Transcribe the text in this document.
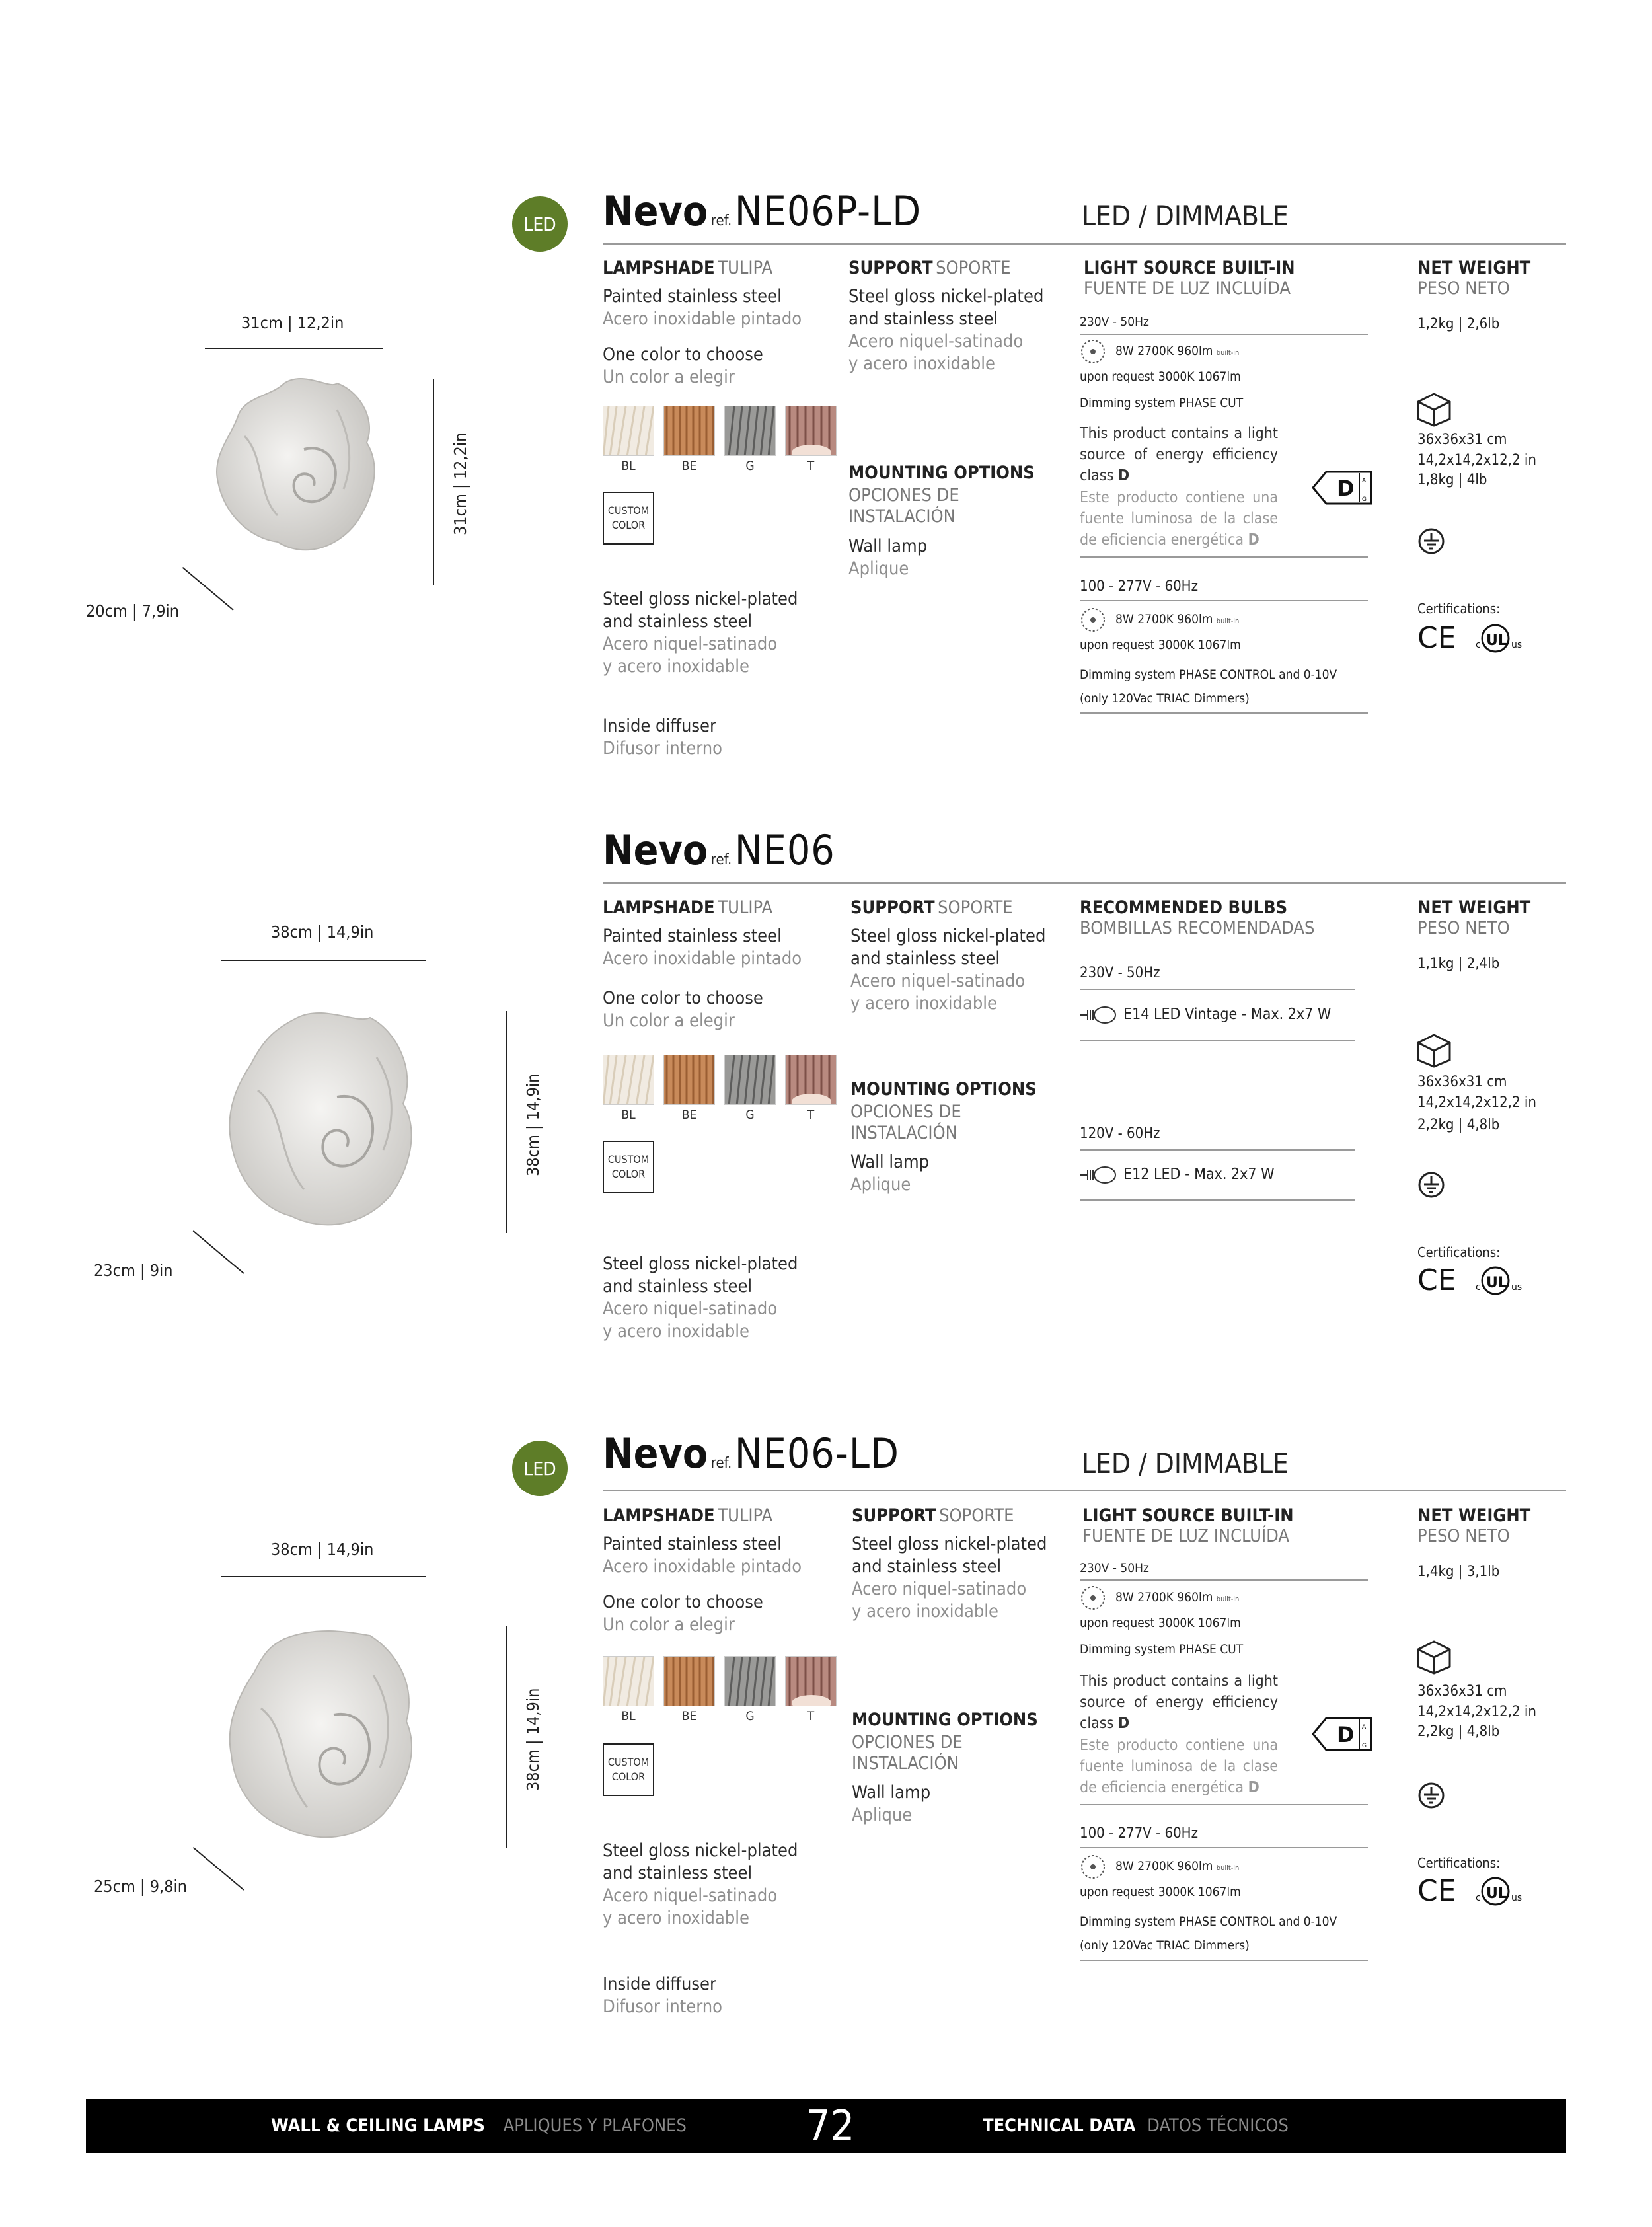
LED Nevo ref. NE06P-LD	LED / DIMMABLE
31cm | 12,2in
31cm | 12,2in
20cm | 7,9in
LAMPSHADE TULIPA
Painted stainless steel
Acero inoxidable pintado
One color to choose
Un color a elegir
BL	BE	G	T
CUSTOM
COLOR
Steel gloss nickel-plated
and stainless steel
Acero niquel-satinado
y acero inoxidable
Inside diffuser
Difusor interno
SUPPORT SOPORTE
Steel gloss nickel-plated
and stainless steel
Acero niquel-satinado
y acero inoxidable
MOUNTING OPTIONS
OPCIONES DE
INSTALACIÓN
Wall lamp
Aplique
LIGHT SOURCE BUILT-IN
FUENTE DE LUZ INCLUÍDA
230V - 50Hz
8W 2700K 960lm built-in
upon request 3000K 1067lm
Dimming system PHASE CUT
This product contains a light source of energy efficiency class D
Este producto contiene una fuente luminosa de la clase de eficiencia energética D
D A
G
100 - 277V - 60Hz
8W 2700K 960lm built-in
upon request 3000K 1067lm
Dimming system PHASE CONTROL and 0-10V
(only 120Vac TRIAC Dimmers)
NET WEIGHT
PESO NETO
1,2kg | 2,6lb
36x36x31 cm
14,2x14,2x12,2 in
1,8kg | 4lb
Certifications:
CE c UL us
Nevo ref. NE06
38cm | 14,9in
38cm | 14,9in
23cm | 9in
LAMPSHADE TULIPA
Painted stainless steel
Acero inoxidable pintado
One color to choose
Un color a elegir
BL	BE	G	T
CUSTOM
COLOR
Steel gloss nickel-plated
and stainless steel
Acero niquel-satinado
y acero inoxidable
SUPPORT SOPORTE
Steel gloss nickel-plated
and stainless steel
Acero niquel-satinado
y acero inoxidable
MOUNTING OPTIONS
OPCIONES DE
INSTALACIÓN
Wall lamp
Aplique
RECOMMENDED BULBS
BOMBILLAS RECOMENDADAS
230V - 50Hz
E14 LED Vintage - Max. 2x7 W
120V - 60Hz
E12 LED - Max. 2x7 W
NET WEIGHT
PESO NETO
1,1kg | 2,4lb
36x36x31 cm
14,2x14,2x12,2 in
2,2kg | 4,8lb
Certifications:
CE c UL us
LED Nevo ref. NE06-LD	LED / DIMMABLE
38cm | 14,9in
38cm | 14,9in
25cm | 9,8in
LAMPSHADE TULIPA
Painted stainless steel
Acero inoxidable pintado
One color to choose
Un color a elegir
BL	BE	G	T
CUSTOM
COLOR
Steel gloss nickel-plated
and stainless steel
Acero niquel-satinado
y acero inoxidable
Inside diffuser
Difusor interno
SUPPORT SOPORTE
Steel gloss nickel-plated
and stainless steel
Acero niquel-satinado
y acero inoxidable
MOUNTING OPTIONS
OPCIONES DE
INSTALACIÓN
Wall lamp
Aplique
LIGHT SOURCE BUILT-IN
FUENTE DE LUZ INCLUÍDA
230V - 50Hz
8W 2700K 960lm built-in
upon request 3000K 1067lm
Dimming system PHASE CUT
This product contains a light source of energy efficiency class D
Este producto contiene una fuente luminosa de la clase de eficiencia energética D
D A
G
100 - 277V - 60Hz
8W 2700K 960lm built-in
upon request 3000K 1067lm
Dimming system PHASE CONTROL and 0-10V
(only 120Vac TRIAC Dimmers)
NET WEIGHT
PESO NETO
1,4kg | 3,1lb
36x36x31 cm
14,2x14,2x12,2 in
2,2kg | 4,8lb
Certifications:
CE c UL us
WALL & CEILING LAMPS APLIQUES Y PLAFONES	72	TECHNICAL DATA DATOS TÉCNICOS
